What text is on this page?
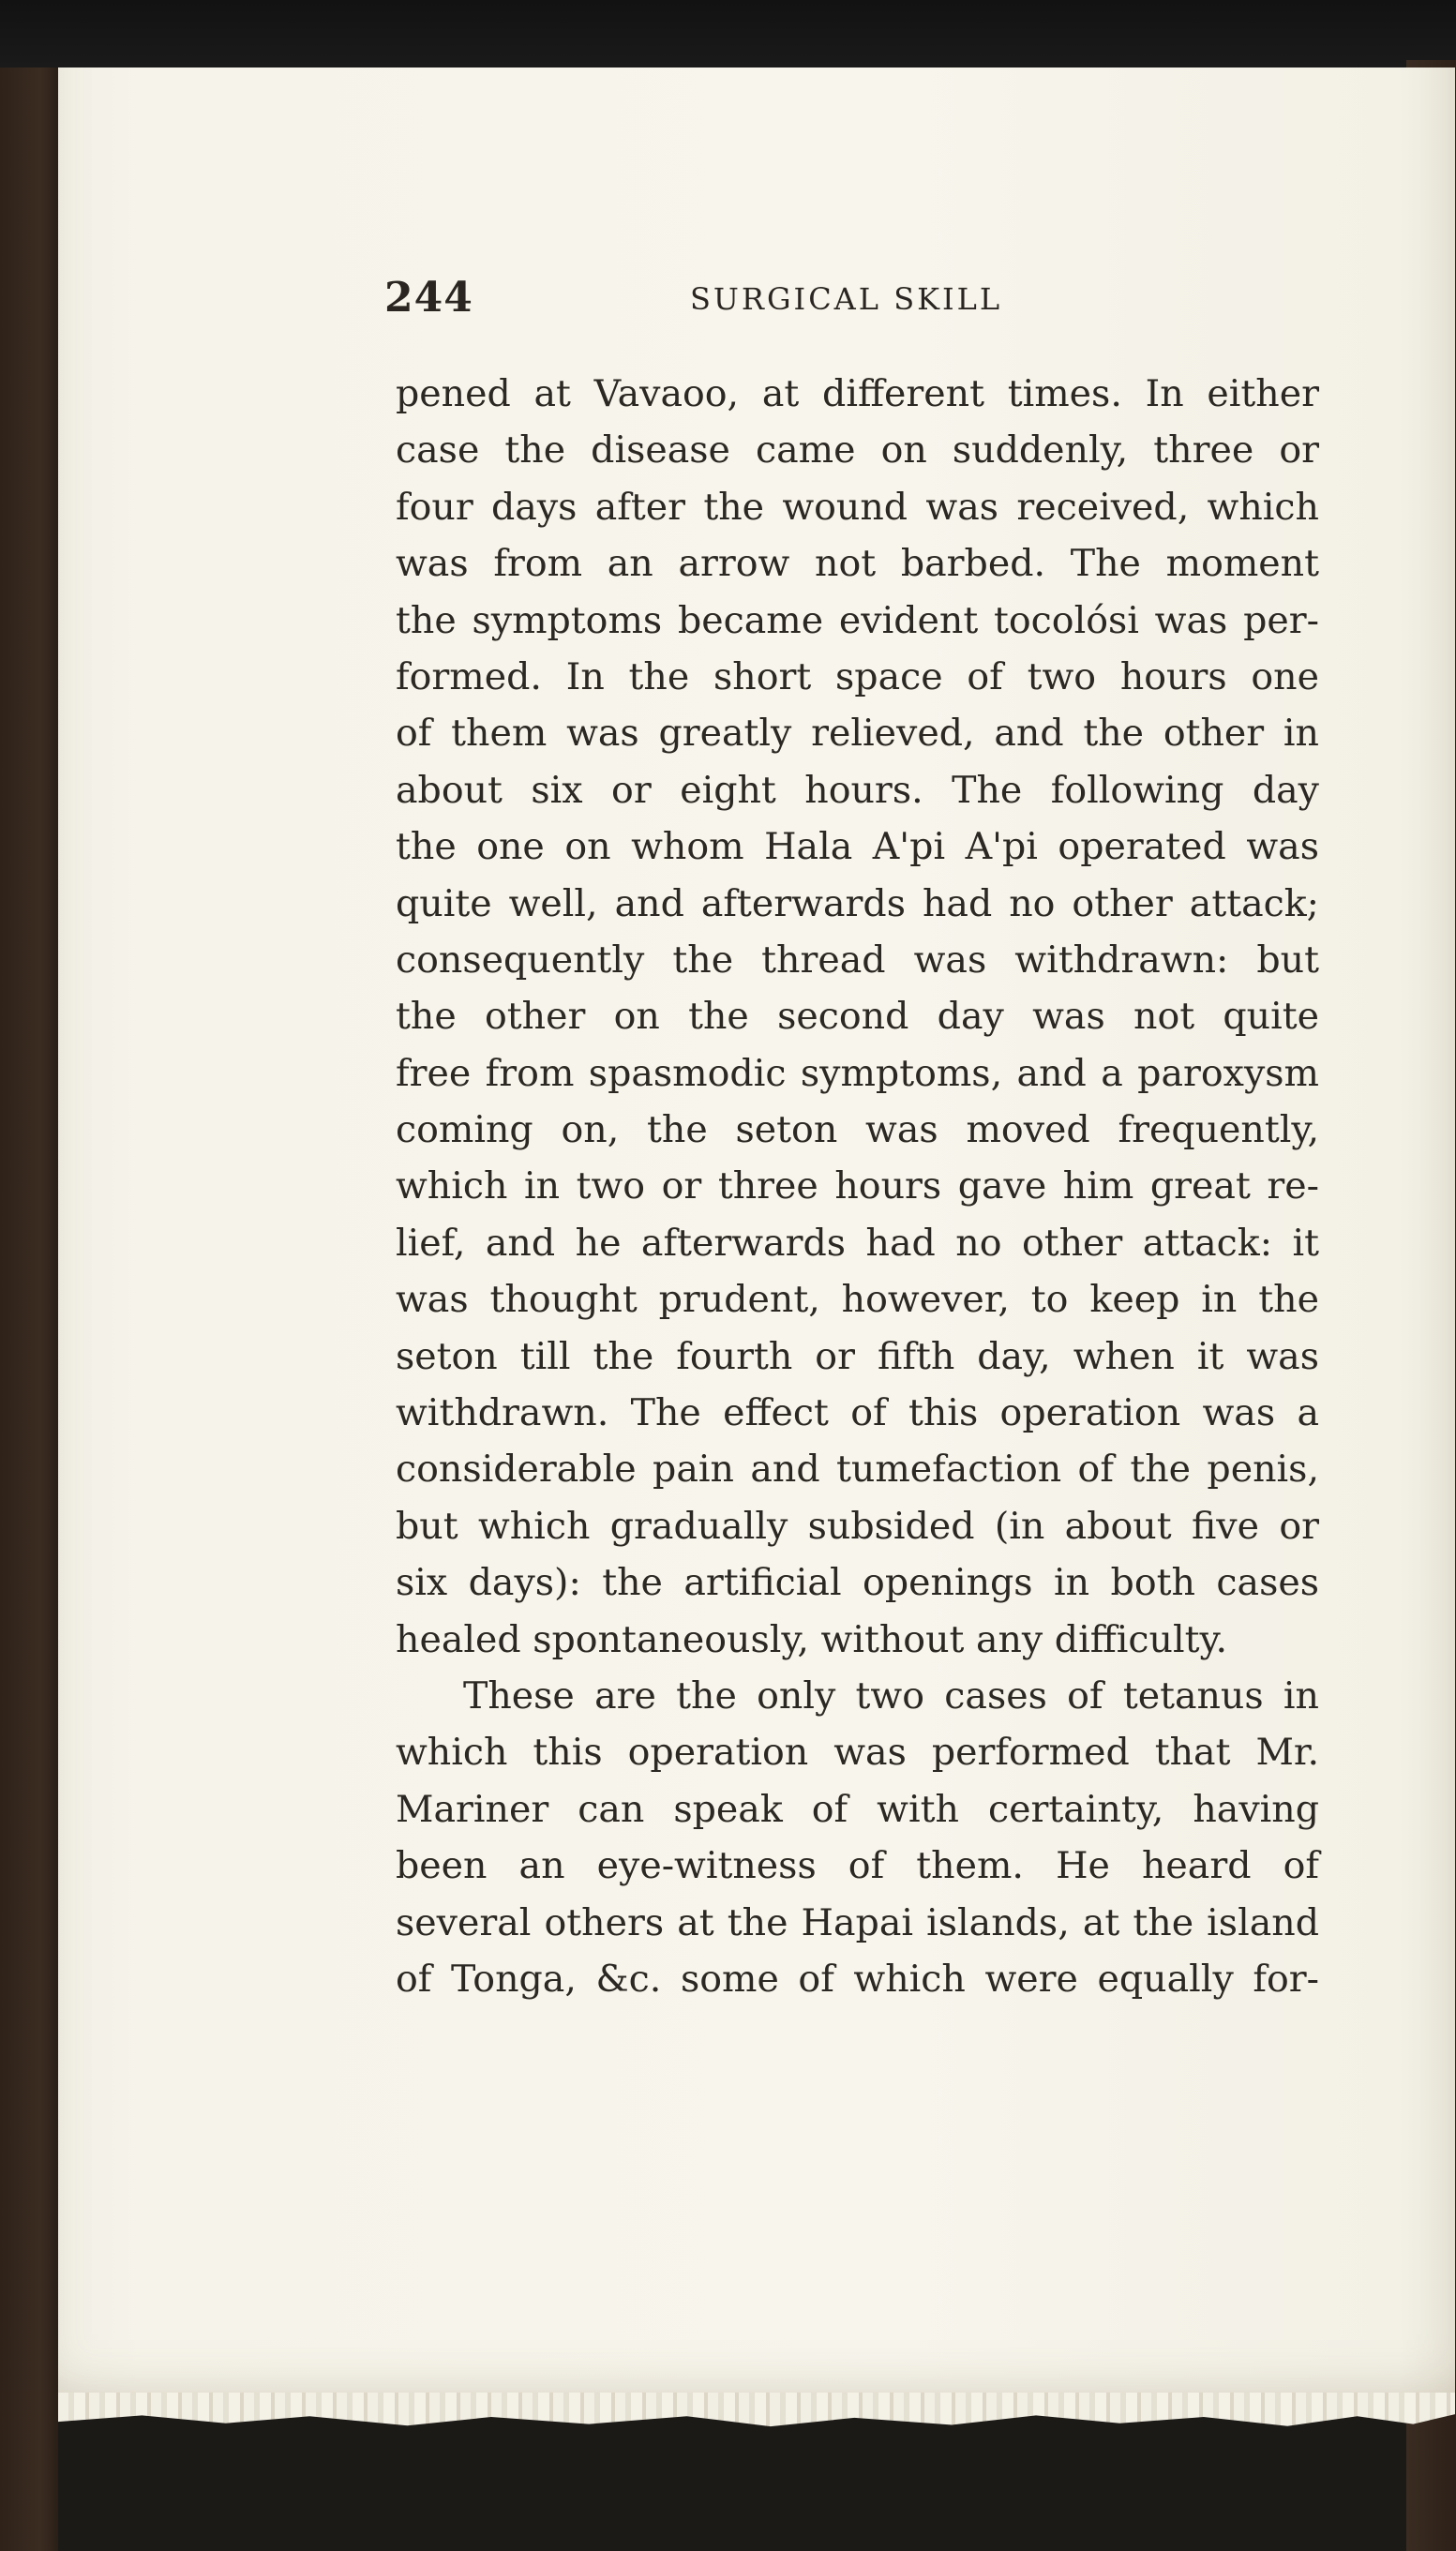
244	SURGICAL SKILL
pened at Vavaoo, at different times. In either
case the disease came on suddenly, three or
four days after the wound was received, which
was from an arrow not barbed. The moment
the symptoms became evident tocolósi was per-
formed. In the short space of two hours one
of them was greatly relieved, and the other in
about six or eight hours. The following day
the one on whom Hala A'pi A'pi operated was
quite well, and afterwards had no other attack;
consequently the thread was withdrawn: but
the other on the second day was not quite
free from spasmodic symptoms, and a paroxysm
coming on, the seton was moved frequently,
which in two or three hours gave him great re-
lief, and he afterwards had no other attack: it
was thought prudent, however, to keep in the
seton till the fourth or fifth day, when it was
withdrawn. The effect of this operation was a
considerable pain and tumefaction of the penis,
but which gradually subsided (in about five or
six days): the artificial openings in both cases
healed spontaneously, without any difficulty.
These are the only two cases of tetanus in
which this operation was performed that Mr.
Mariner can speak of with certainty, having
been an eye-witness of them. He heard of
several others at the Hapai islands, at the island
of Tonga, &c. some of which were equally for-
